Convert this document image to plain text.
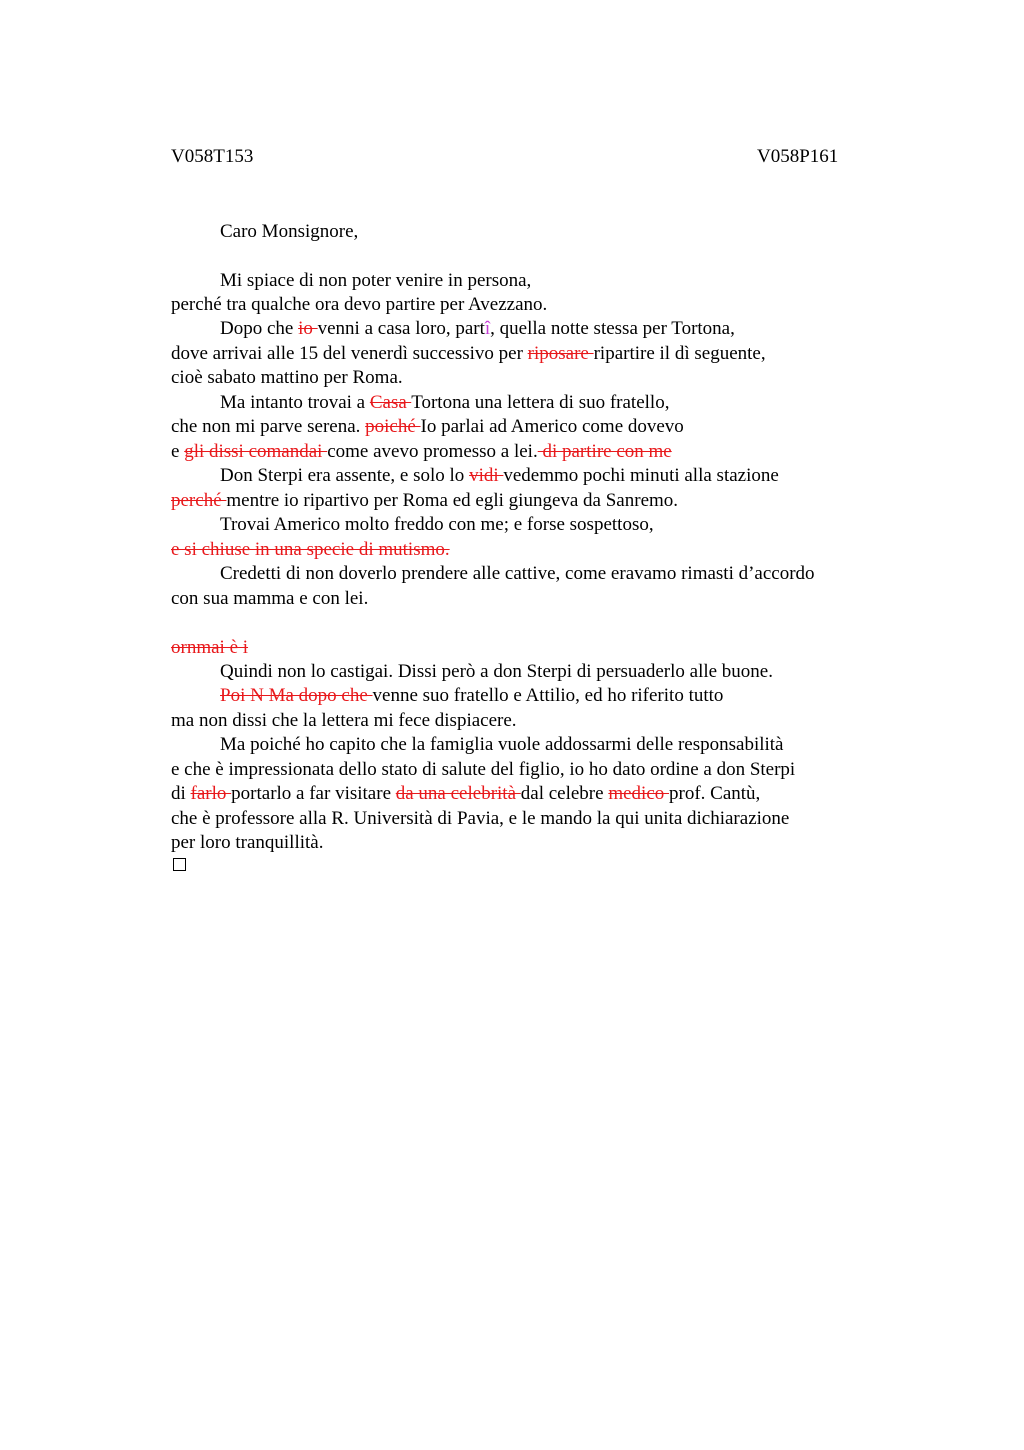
V058T153	V058P161
Caro Monsignore,
Mi spiace di non poter venire in persona,
perché tra qualche ora devo partire per Avezzano.
Dopo che io venni a casa loro, partî, quella notte stessa per Tortona,
dove arrivai alle 15 del venerdì successivo per riposare ripartire il dì seguente,
cioè sabato mattino per Roma.
Ma intanto trovai a Casa Tortona una lettera di suo fratello,
che non mi parve serena. poiché Io parlai ad Americo come dovevo
e gli dissi comandai come avevo promesso a lei. di partire con me
Don Sterpi era assente, e solo lo vidi vedemmo pochi minuti alla stazione
perché mentre io ripartivo per Roma ed egli giungeva da Sanremo.
Trovai Americo molto freddo con me; e forse sospettoso,
e si chiuse in una specie di mutismo.
Credetti di non doverlo prendere alle cattive, come eravamo rimasti d’accordo
con sua mamma e con lei.
ornmai è i
Quindi non lo castigai. Dissi però a don Sterpi di persuaderlo alle buone.
Poi N Ma dopo che venne suo fratello e Attilio, ed ho riferito tutto
ma non dissi che la lettera mi fece dispiacere.
Ma poiché ho capito che la famiglia vuole addossarmi delle responsabilità
e che è impressionata dello stato di salute del figlio, io ho dato ordine a don Sterpi
di farlo portarlo a far visitare da una celebrità dal celebre medico prof. Cantù,
che è professore alla R. Università di Pavia, e le mando la qui unita dichiarazione
per loro tranquillità.
